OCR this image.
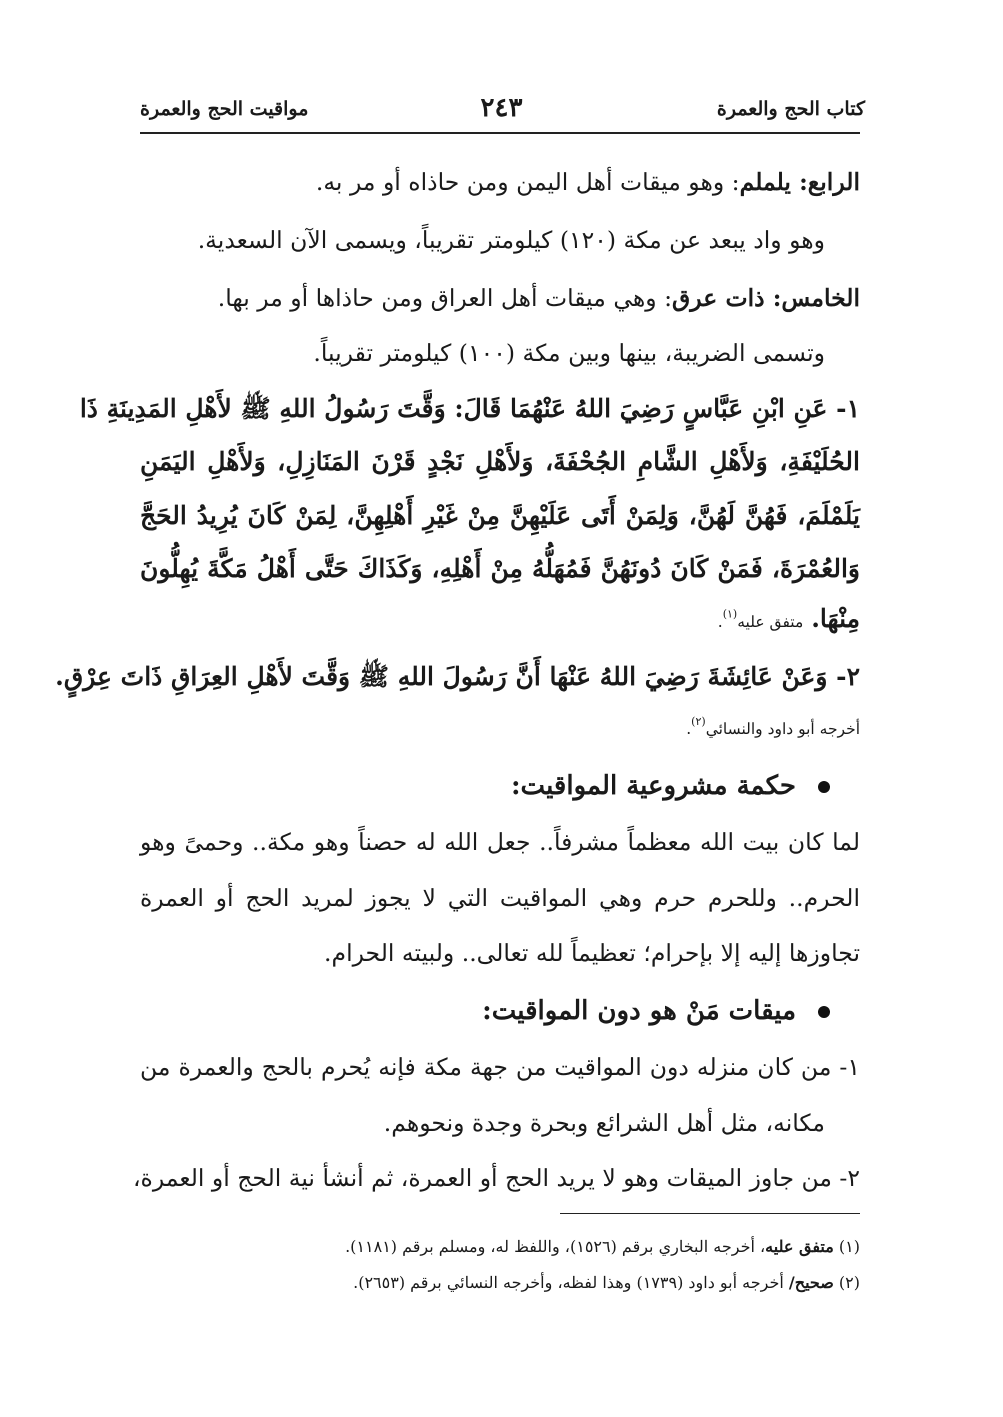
كتاب الحج والعمرة
٢٤٣
مواقيت الحج والعمرة
الرابع: يلملم: وهو ميقات أهل اليمن ومن حاذاه أو مر به.
وهو واد يبعد عن مكة (١٢٠) كيلومتر تقريباً، ويسمى الآن السعدية.
الخامس: ذات عرق: وهي ميقات أهل العراق ومن حاذاها أو مر بها.
وتسمى الضريبة، بينها وبين مكة (١٠٠) كيلومتر تقريباً.
١- عَنِ ابْنِ عَبَّاسٍ رَضِيَ اللهُ عَنْهُمَا قَالَ: وَقَّتَ رَسُولُ اللهِ ﷺ لأَهْلِ المَدِينَةِ ذَا
الحُلَيْفَةِ، وَلأَهْلِ الشَّامِ الجُحْفَةَ، وَلأَهْلِ نَجْدٍ قَرْنَ المَنَازِلِ، وَلأَهْلِ اليَمَنِ
يَلَمْلَمَ، فَهُنَّ لَهُنَّ، وَلِمَنْ أَتَى عَلَيْهِنَّ مِنْ غَيْرِ أَهْلِهِنَّ، لِمَنْ كَانَ يُرِيدُ الحَجَّ
وَالعُمْرَةَ، فَمَنْ كَانَ دُونَهُنَّ فَمُهَلُّهُ مِنْ أَهْلِهِ، وَكَذَاكَ حَتَّى أَهْلُ مَكَّةَ يُهِلُّونَ
مِنْهَا. متفق عليه$^{(١)}$.
٢- وَعَنْ عَائِشَةَ رَضِيَ اللهُ عَنْهَا أَنَّ رَسُولَ اللهِ ﷺ وَقَّتَ لأَهْلِ العِرَاقِ ذَاتَ عِرْقٍ.
أخرجه أبو داود والنسائي$^{(٢)}$.
حكمة مشروعية المواقيت:
لما كان بيت الله معظماً مشرفاً.. جعل الله له حصناً وهو مكة.. وحمىً وهو
الحرم.. وللحرم حرم وهي المواقيت التي لا يجوز لمريد الحج أو العمرة
تجاوزها إليه إلا بإحرام؛ تعظيماً لله تعالى.. ولبيته الحرام.
ميقات مَنْ هو دون المواقيت:
١- من كان منزله دون المواقيت من جهة مكة فإنه يُحرم بالحج والعمرة من
مكانه، مثل أهل الشرائع وبحرة وجدة ونحوهم.
٢- من جاوز الميقات وهو لا يريد الحج أو العمرة، ثم أنشأ نية الحج أو العمرة،
(١) متفق عليه، أخرجه البخاري برقم (١٥٢٦)، واللفظ له، ومسلم برقم (١١٨١).
(٢) صحيح/ أخرجه أبو داود (١٧٣٩) وهذا لفظه، وأخرجه النسائي برقم (٢٦٥٣).
